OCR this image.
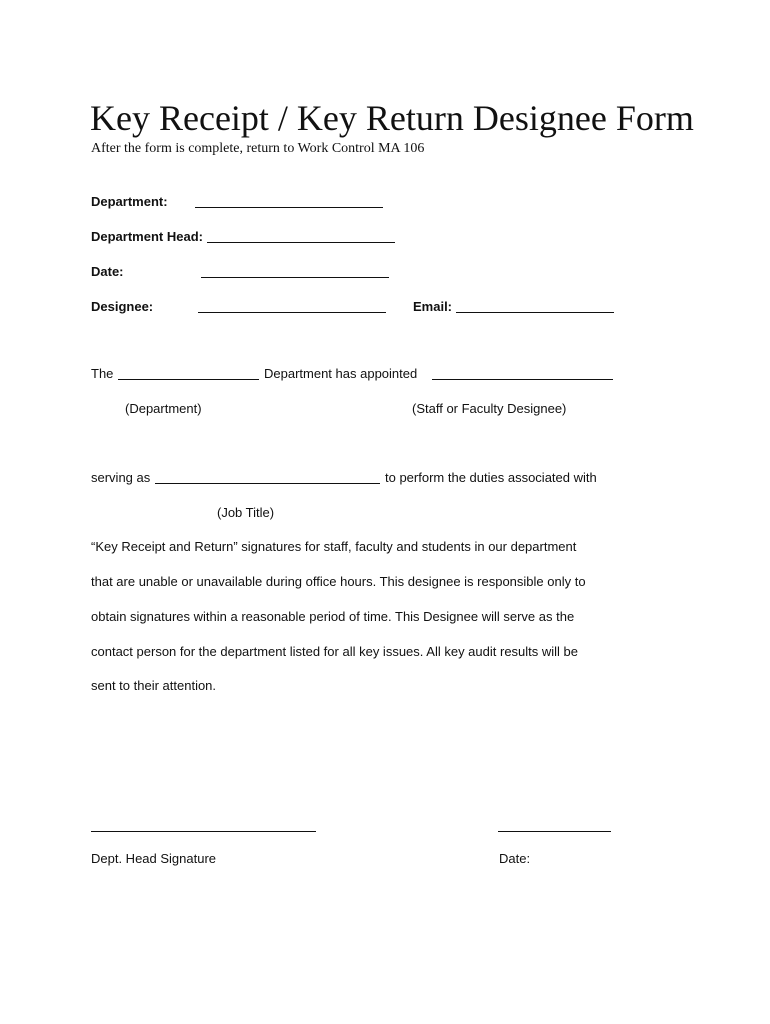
Key Receipt / Key Return Designee Form
After the form is complete, return to Work Control MA 106
Department:
Department Head:
Date:
Designee:	Email:
The	Department has appointed
(Department)	(Staff or Faculty Designee)
serving as	to perform the duties associated with
(Job Title)
“Key Receipt and Return” signatures for staff, faculty and students in our department
that are unable or unavailable during office hours. This designee is responsible only to
obtain signatures within a reasonable period of time. This Designee will serve as the
contact person for the department listed for all key issues. All key audit results will be
sent to their attention.
Dept. Head Signature	Date:
